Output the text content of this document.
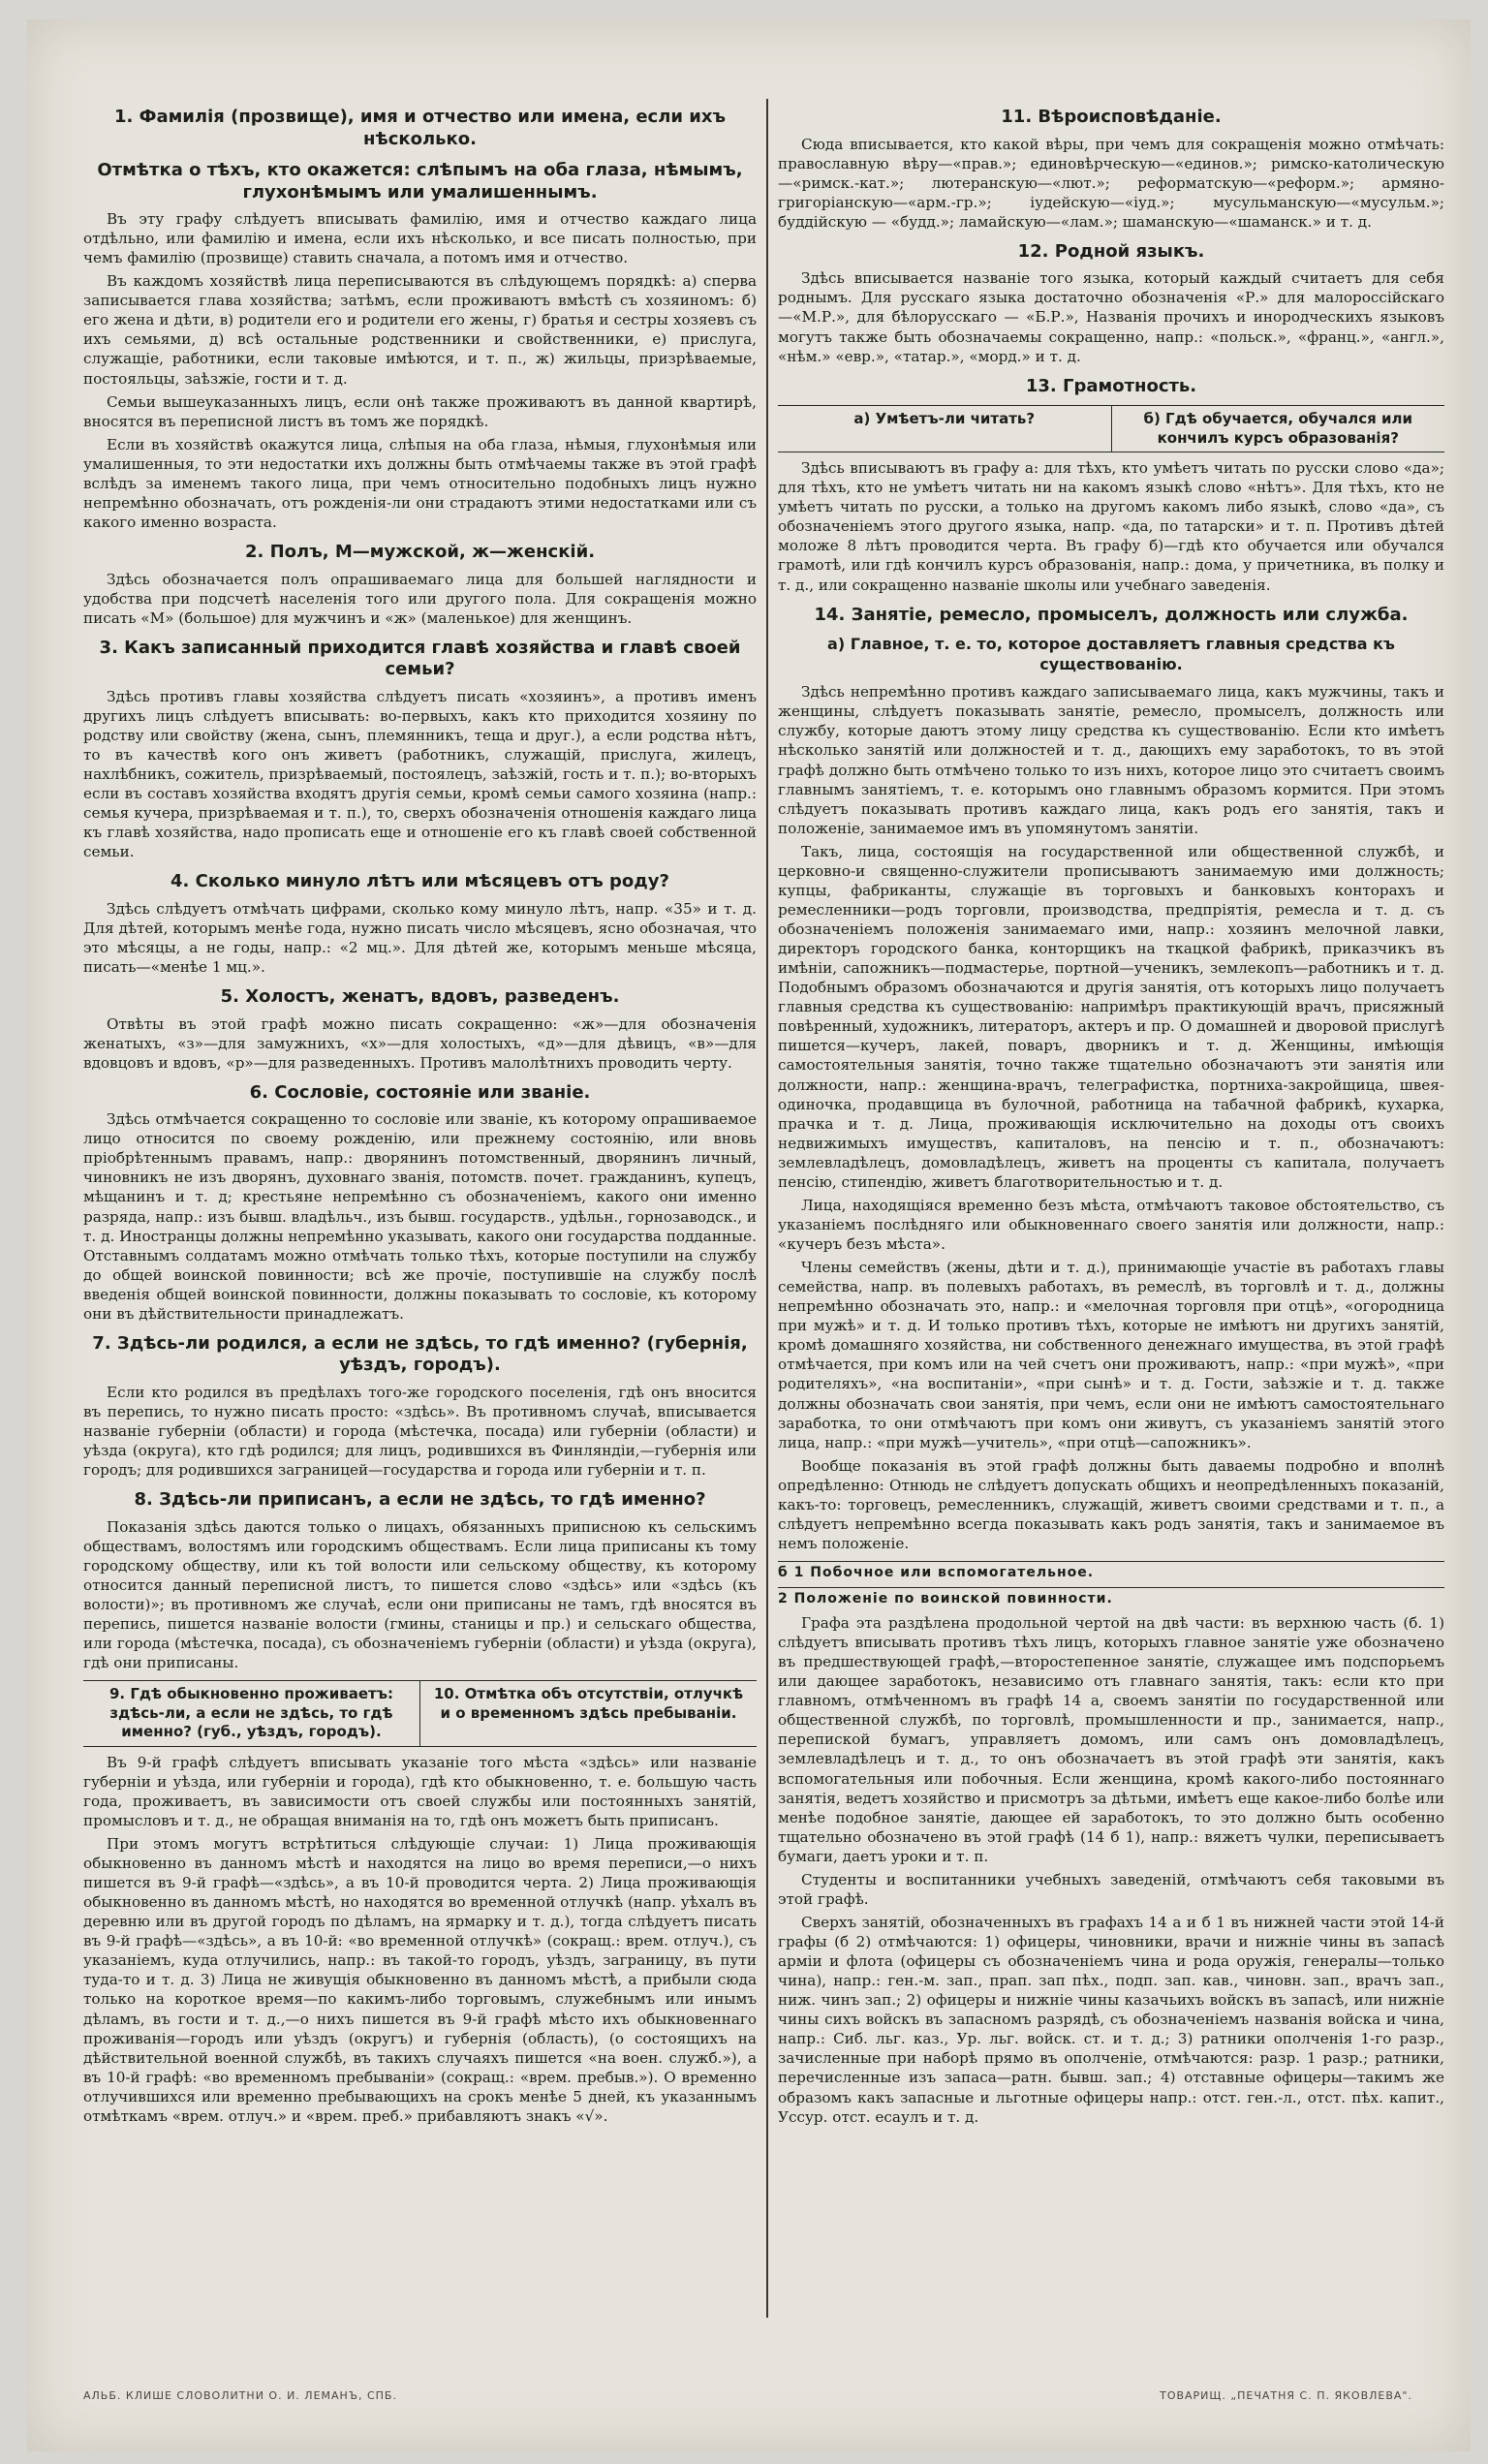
1. Фамилія (прозвище), имя и отчество или имена, если ихъ нѣсколько.
Отмѣтка о тѣхъ, кто окажется: слѣпымъ на оба глаза, нѣмымъ, глухонѣмымъ или умалишеннымъ.

Въ эту графу слѣдуетъ вписывать фамилію, имя и отчество каждаго лица отдѣльно, или фамилію и имена, если ихъ нѣсколько, и все писать полностью, при чемъ фамилію (прозвище) ставить сначала, а потомъ имя и отчество.

Въ каждомъ хозяйствѣ лица переписываются въ слѣдующемъ порядкѣ: а) сперва записывается глава хозяйства; затѣмъ, если проживаютъ вмѣстѣ съ хозяиномъ: б) его жена и дѣти, в) родители его и родители его жены, г) братья и сестры хозяевъ съ ихъ семьями, д) всѣ остальные родственники и свойственники, е) прислуга, служащіе, работники, если таковые имѣются, и т. п., ж) жильцы, призрѣваемые, постояльцы, заѣзжіе, гости и т. д.

Семьи вышеуказанныхъ лицъ, если онѣ также проживаютъ въ данной квартирѣ, вносятся въ переписной листъ въ томъ же порядкѣ.

Если въ хозяйствѣ окажутся лица, слѣпыя на оба глаза, нѣмыя, глухонѣмыя или умалишенныя, то эти недостатки ихъ должны быть отмѣчаемы также въ этой графѣ вслѣдъ за именемъ такого лица, при чемъ относительно подобныхъ лицъ нужно непремѣнно обозначать, отъ рожденія-ли они страдаютъ этими недостатками или съ какого именно возраста.

2. Полъ, М—мужской, ж—женскій.

Здѣсь обозначается полъ опрашиваемаго лица для большей наглядности и удобства при подсчетѣ населенія того или другого пола. Для сокращенія можно писать «М» (большое) для мужчинъ и «ж» (маленькое) для женщинъ.

3. Какъ записанный приходится главѣ хозяйства и главѣ своей семьи?

Здѣсь противъ главы хозяйства слѣдуетъ писать «хозяинъ», а противъ именъ другихъ лицъ слѣдуетъ вписывать: во-первыхъ, какъ кто приходится хозяину по родству или свойству (жена, сынъ, племянникъ, теща и друг.), а если родства нѣтъ, то въ качествѣ кого онъ живетъ (работникъ, служащій, прислуга, жилецъ, нахлѣбникъ, сожитель, призрѣваемый, постоялецъ, заѣзжій, гость и т. п.); во-вторыхъ если въ составъ хозяйства входятъ другія семьи, кромѣ семьи самого хозяина (напр.: семья кучера, призрѣваемая и т. п.), то, сверхъ обозначенія отношенія каждаго лица къ главѣ хозяйства, надо прописать еще и отношеніе его къ главѣ своей собственной семьи.

4. Сколько минуло лѣтъ или мѣсяцевъ отъ роду?

Здѣсь слѣдуетъ отмѣчать цифрами, сколько кому минуло лѣтъ, напр. «35» и т. д. Для дѣтей, которымъ менѣе года, нужно писать число мѣсяцевъ, ясно обозначая, что это мѣсяцы, а не годы, напр.: «2 мц.». Для дѣтей же, которымъ меньше мѣсяца, писать—«менѣе 1 мц.».

5. Холостъ, женатъ, вдовъ, разведенъ.

Отвѣты въ этой графѣ можно писать сокращенно: «ж»—для обозначенія женатыхъ, «з»—для замужнихъ, «х»—для холостыхъ, «д»—для дѣвицъ, «в»—для вдовцовъ и вдовъ, «р»—для разведенныхъ. Противъ малолѣтнихъ проводить черту.

6. Сословіе, состояніе или званіе.

Здѣсь отмѣчается сокращенно то сословіе или званіе, къ которому опрашиваемое лицо относится по своему рожденію, или прежнему состоянію, или вновь пріобрѣтеннымъ правамъ, напр.: дворянинъ потомственный, дворянинъ личный, чиновникъ не изъ дворянъ, духовнаго званія, потомств. почет. гражданинъ, купецъ, мѣщанинъ и т. д; крестьяне непремѣнно съ обозначеніемъ, какого они именно разряда, напр.: изъ бывш. владѣльч., изъ бывш. государств., удѣльн., горнозаводск., и т. д. Иностранцы должны непремѣнно указывать, какого они государства подданные. Отставнымъ солдатамъ можно отмѣчать только тѣхъ, которые поступили на службу до общей воинской повинности; всѣ же прочіе, поступившіе на службу послѣ введенія общей воинской повинности, должны показывать то сословіе, къ которому они въ дѣйствительности принадлежатъ.

7. Здѣсь-ли родился, а если не здѣсь, то гдѣ именно? (губернія, уѣздъ, городъ).

Если кто родился въ предѣлахъ того-же городского поселенія, гдѣ онъ вносится въ перепись, то нужно писать просто: «здѣсь». Въ противномъ случаѣ, вписывается названіе губерніи (области) и города (мѣстечка, посада) или губерніи (области) и уѣзда (округа), кто гдѣ родился; для лицъ, родившихся въ Финляндіи,—губернія или городъ; для родившихся заграницей—государства и города или губерніи и т. п.

8. Здѣсь-ли приписанъ, а если не здѣсь, то гдѣ именно?

Показанія здѣсь даются только о лицахъ, обязанныхъ приписною къ сельскимъ обществамъ, волостямъ или городскимъ обществамъ. Если лица приписаны къ тому городскому обществу, или къ той волости или сельскому обществу, къ которому относится данный переписной листъ, то пишется слово «здѣсь» или «здѣсь (къ волости)»; въ противномъ же случаѣ, если они приписаны не тамъ, гдѣ вносятся въ перепись, пишется названіе волости (гмины, станицы и пр.) и сельскаго общества, или города (мѣстечка, посада), съ обозначеніемъ губерніи (области) и уѣзда (округа), гдѣ они приписаны.

9. Гдѣ обыкновенно проживаетъ: здѣсь-ли, а если не здѣсь, то гдѣ именно? (губ., уѣздъ, городъ).
10. Отмѣтка объ отсутствіи, отлучкѣ и о временномъ здѣсь пребываніи.

Въ 9-й графѣ слѣдуетъ вписывать указаніе того мѣста «здѣсь» или названіе губерніи и уѣзда, или губерніи и города), гдѣ кто обыкновенно, т. е. большую часть года, проживаетъ, въ зависимости отъ своей службы или постоянныхъ занятій, промысловъ и т. д., не обращая вниманія на то, гдѣ онъ можетъ быть приписанъ.

При этомъ могутъ встрѣтиться слѣдующіе случаи: 1) Лица проживающія обыкновенно въ данномъ мѣстѣ и находятся на лицо во время переписи,—о нихъ пишется въ 9-й графѣ—«здѣсь», а въ 10-й проводится черта. 2) Лица проживающія обыкновенно въ данномъ мѣстѣ, но находятся во временной отлучкѣ (напр. уѣхалъ въ деревню или въ другой городъ по дѣламъ, на ярмарку и т. д.), тогда слѣдуетъ писать въ 9-й графѣ—«здѣсь», а въ 10-й: «во временной отлучкѣ» (сокращ.: врем. отлуч.), съ указаніемъ, куда отлучились, напр.: въ такой-то городъ, уѣздъ, заграницу, въ пути туда-то и т. д. 3) Лица не живущія обыкновенно въ данномъ мѣстѣ, а прибыли сюда только на короткое время—по какимъ-либо торговымъ, служебнымъ или инымъ дѣламъ, въ гости и т. д.,—о нихъ пишется въ 9-й графѣ мѣсто ихъ обыкновеннаго проживанія—городъ или уѣздъ (округъ) и губернія (область), (о состоящихъ на дѣйствительной военной службѣ, въ такихъ случаяхъ пишется «на воен. служб.»), а въ 10-й графѣ: «во временномъ пребываніи» (сокращ.: «врем. пребыв.»). О временно отлучившихся или временно пребывающихъ на срокъ менѣе 5 дней, къ указаннымъ отмѣткамъ «врем. отлуч.» и «врем. преб.» прибавляютъ знакъ «√».

11. Вѣроисповѣданіе.

Сюда вписывается, кто какой вѣры, при чемъ для сокращенія можно отмѣчать: православную вѣру—«прав.»; единовѣрческую—«единов.»; римско-католическую—«римск.-кат.»; лютеранскую—«лют.»; реформатскую—«реформ.»; армяно-григоріанскую—«арм.-гр.»; іудейскую—«іуд.»; мусульманскую—«мусульм.»; буддійскую — «будд.»; ламайскую—«лам.»; шаманскую—«шаманск.» и т. д.

12. Родной языкъ.

Здѣсь вписывается названіе того языка, который каждый считаетъ для себя роднымъ. Для русскаго языка достаточно обозначенія «Р.» для малороссійскаго—«М.Р.», для бѣлорусскаго — «Б.Р.», Названія прочихъ и инородческихъ языковъ могутъ также быть обозначаемы сокращенно, напр.: «польск.», «франц.», «англ.», «нѣм.» «евр.», «татар.», «морд.» и т. д.

13. Грамотность.
а) Умѣетъ-ли читать?	б) Гдѣ обучается, обучался или кончилъ курсъ образованія?

Здѣсь вписываютъ въ графу а: для тѣхъ, кто умѣетъ читать по русски слово «да»; для тѣхъ, кто не умѣетъ читать ни на какомъ языкѣ слово «нѣтъ». Для тѣхъ, кто не умѣетъ читать по русски, а только на другомъ какомъ либо языкѣ, слово «да», съ обозначеніемъ этого другого языка, напр. «да, по татарски» и т. п. Противъ дѣтей моложе 8 лѣтъ проводится черта. Въ графу б)—гдѣ кто обучается или обучался грамотѣ, или гдѣ кончилъ курсъ образованія, напр.: дома, у причетника, въ полку и т. д., или сокращенно названіе школы или учебнаго заведенія.

14. Занятіе, ремесло, промыселъ, должность или служба.

а) Главное, т. е. то, которое доставляетъ главныя средства къ существованію.

Здѣсь непремѣнно противъ каждаго записываемаго лица, какъ мужчины, такъ и женщины, слѣдуетъ показывать занятіе, ремесло, промыселъ, должность или службу, которые даютъ этому лицу средства къ существованію. Если кто имѣетъ нѣсколько занятій или должностей и т. д., дающихъ ему заработокъ, то въ этой графѣ должно быть отмѣчено только то изъ нихъ, которое лицо это считаетъ своимъ главнымъ занятіемъ, т. е. которымъ оно главнымъ образомъ кормится. При этомъ слѣдуетъ показывать противъ каждаго лица, какъ родъ его занятія, такъ и положеніе, занимаемое имъ въ упомянутомъ занятіи.

Такъ, лица, состоящія на государственной или общественной службѣ, и церковно-и священно-служители прописываютъ занимаемую ими должность; купцы, фабриканты, служащіе въ торговыхъ и банковыхъ конторахъ и ремесленники—родъ торговли, производства, предпріятія, ремесла и т. д. съ обозначеніемъ положенія занимаемаго ими, напр.: хозяинъ мелочной лавки, директоръ городского банка, конторщикъ на ткацкой фабрикѣ, приказчикъ въ имѣніи, сапожникъ—подмастерье, портной—ученикъ, землекопъ—работникъ и т. д. Подобнымъ образомъ обозначаются и другія занятія, отъ которыхъ лицо получаетъ главныя средства къ существованію: напримѣръ практикующій врачъ, присяжный повѣренный, художникъ, литераторъ, актеръ и пр. О домашней и дворовой прислугѣ пишется—кучеръ, лакей, поваръ, дворникъ и т. д. Женщины, имѣющія самостоятельныя занятія, точно также тщательно обозначаютъ эти занятія или должности, напр.: женщина-врачъ, телеграфистка, портниха-закройщица, швея-одиночка, продавщица въ булочной, работница на табачной фабрикѣ, кухарка, прачка и т. д. Лица, проживающія исключительно на доходы отъ своихъ недвижимыхъ имуществъ, капиталовъ, на пенсію и т. п., обозначаютъ: землевладѣлецъ, домовладѣлецъ, живетъ на проценты съ капитала, получаетъ пенсію, стипендію, живетъ благотворительностью и т. д.

Лица, находящіяся временно безъ мѣста, отмѣчаютъ таковое обстоятельство, съ указаніемъ послѣдняго или обыкновеннаго своего занятія или должности, напр.: «кучеръ безъ мѣста».

Члены семействъ (жены, дѣти и т. д.), принимающіе участіе въ работахъ главы семейства, напр. въ полевыхъ работахъ, въ ремеслѣ, въ торговлѣ и т. д., должны непремѣнно обозначать это, напр.: и «мелочная торговля при отцѣ», «огородница при мужѣ» и т. д. И только противъ тѣхъ, которые не имѣютъ ни другихъ занятій, кромѣ домашняго хозяйства, ни собственного денежнаго имущества, въ этой графѣ отмѣчается, при комъ или на чей счетъ они проживаютъ, напр.: «при мужѣ», «при родителяхъ», «на воспитаніи», «при сынѣ» и т. д. Гости, заѣзжіе и т. д. также должны обозначать свои занятія, при чемъ, если они не имѣютъ самостоятельнаго заработка, то они отмѣчаютъ при комъ они живутъ, съ указаніемъ занятій этого лица, напр.: «при мужѣ—учитель», «при отцѣ—сапожникъ».

Вообще показанія въ этой графѣ должны быть даваемы подробно и вполнѣ опредѣленно: Отнюдь не слѣдуетъ допускать общихъ и неопредѣленныхъ показаній, какъ-то: торговецъ, ремесленникъ, служащій, живетъ своими средствами и т. п., а слѣдуетъ непремѣнно всегда показывать какъ родъ занятія, такъ и занимаемое въ немъ положеніе.

б 1 Побочное или вспомогательное.
2 Положеніе по воинской повинности.

Графа эта раздѣлена продольной чертой на двѣ части: въ верхнюю часть (б. 1) слѣдуетъ вписывать противъ тѣхъ лицъ, которыхъ главное занятіе уже обозначено въ предшествующей графѣ,—второстепенное занятіе, служащее имъ подспорьемъ или дающее заработокъ, независимо отъ главнаго занятія, такъ: если кто при главномъ, отмѣченномъ въ графѣ 14 а, своемъ занятіи по государственной или общественной службѣ, по торговлѣ, промышленности и пр., занимается, напр., перепиской бумагъ, управляетъ домомъ, или самъ онъ домовладѣлецъ, землевладѣлецъ и т. д., то онъ обозначаетъ въ этой графѣ эти занятія, какъ вспомогательныя или побочныя. Если женщина, кромѣ какого-либо постояннаго занятія, ведетъ хозяйство и присмотръ за дѣтьми, имѣетъ еще какое-либо болѣе или менѣе подобное занятіе, дающее ей заработокъ, то это должно быть особенно тщательно обозначено въ этой графѣ (14 б 1), напр.: вяжетъ чулки, переписываетъ бумаги, даетъ уроки и т. п.

Студенты и воспитанники учебныхъ заведеній, отмѣчаютъ себя таковыми въ этой графѣ.

Сверхъ занятій, обозначенныхъ въ графахъ 14 а и б 1 въ нижней части этой 14-й графы (б 2) отмѣчаются: 1) офицеры, чиновники, врачи и нижніе чины въ запасѣ арміи и флота (офицеры съ обозначеніемъ чина и рода оружія, генералы—только чина), напр.: ген.-м. зап., прап. зап пѣх., подп. зап. кав., чиновн. зап., врачъ зап., ниж. чинъ зап.; 2) офицеры и нижніе чины казачьихъ войскъ въ запасѣ, или нижніе чины сихъ войскъ въ запасномъ разрядѣ, съ обозначеніемъ названія войска и чина, напр.: Сиб. льг. каз., Ур. льг. войск. ст. и т. д.; 3) ратники ополченія 1-го разр., зачисленные при наборѣ прямо въ ополченіе, отмѣчаются: разр. 1 разр.; ратники, перечисленные изъ запаса—ратн. бывш. зап.; 4) отставные офицеры—такимъ же образомъ какъ запасные и льготные офицеры напр.: отст. ген.-л., отст. пѣх. капит., Уссур. отст. есаулъ и т. д.

АЛЬБ. КЛИШЕ СЛОВОЛИТНИ О. И. ЛЕМАНЪ, СПБ.	ТОВАРИЩ. „ПЕЧАТНЯ С. П. ЯКОВЛЕВА".
